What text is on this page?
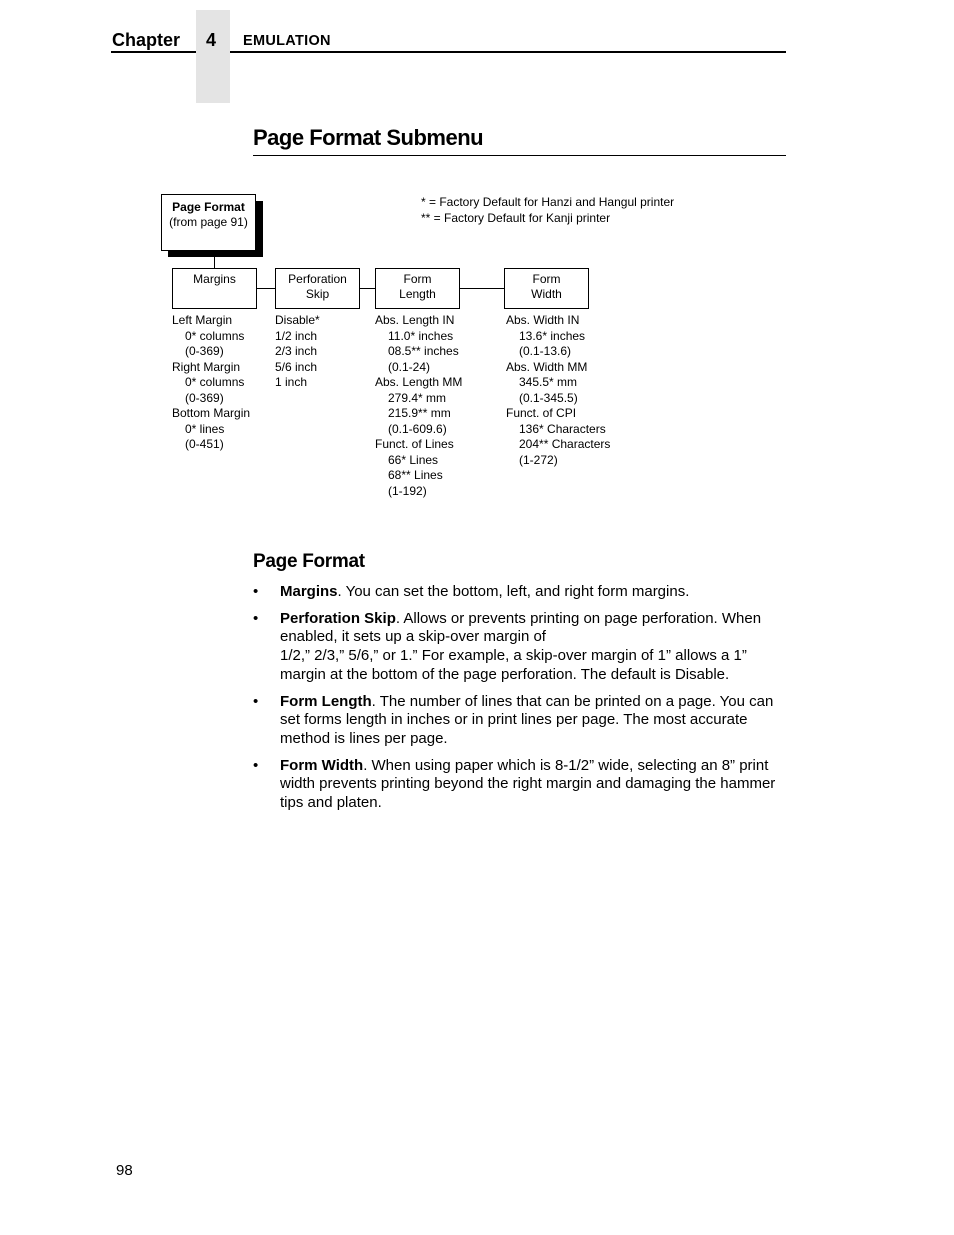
Chapter	4	EMULATION
Page Format Submenu
Page Format
(from page 91)
* = Factory Default for Hanzi and Hangul printer
** = Factory Default for Kanji printer
Margins	Perforation
Skip
Form
Length
Form
Width
Left Margin
0* columns
(0-369)
Right Margin
0* columns
(0-369)
Bottom Margin
0* lines
(0-451)
Disable*
1/2 inch
2/3 inch
5/6 inch
1 inch
Abs. Length IN
11.0* inches
08.5** inches
(0.1-24)
Abs. Length MM
279.4* mm
215.9** mm
(0.1-609.6)
Funct. of Lines
66* Lines
68** Lines
(1-192)
Abs. Width IN
13.6* inches
(0.1-13.6)
Abs. Width MM
345.5* mm
(0.1-345.5)
Funct. of CPI
136* Characters
204** Characters
(1-272)
Page Format
• Margins. You can set the bottom, left, and right form margins.
• Perforation Skip. Allows or prevents printing on page perforation. When enabled, it sets up a skip-over margin of
1/2,” 2/3,” 5/6,” or 1.” For example, a skip-over margin of 1” allows a 1” margin at the bottom of the page perforation. The default is Disable.
• Form Length. The number of lines that can be printed on a page. You can set forms length in inches or in print lines per page. The most accurate method is lines per page.
• Form Width. When using paper which is 8-1/2” wide, selecting an 8” print width prevents printing beyond the right margin and damaging the hammer tips and platen.
98
